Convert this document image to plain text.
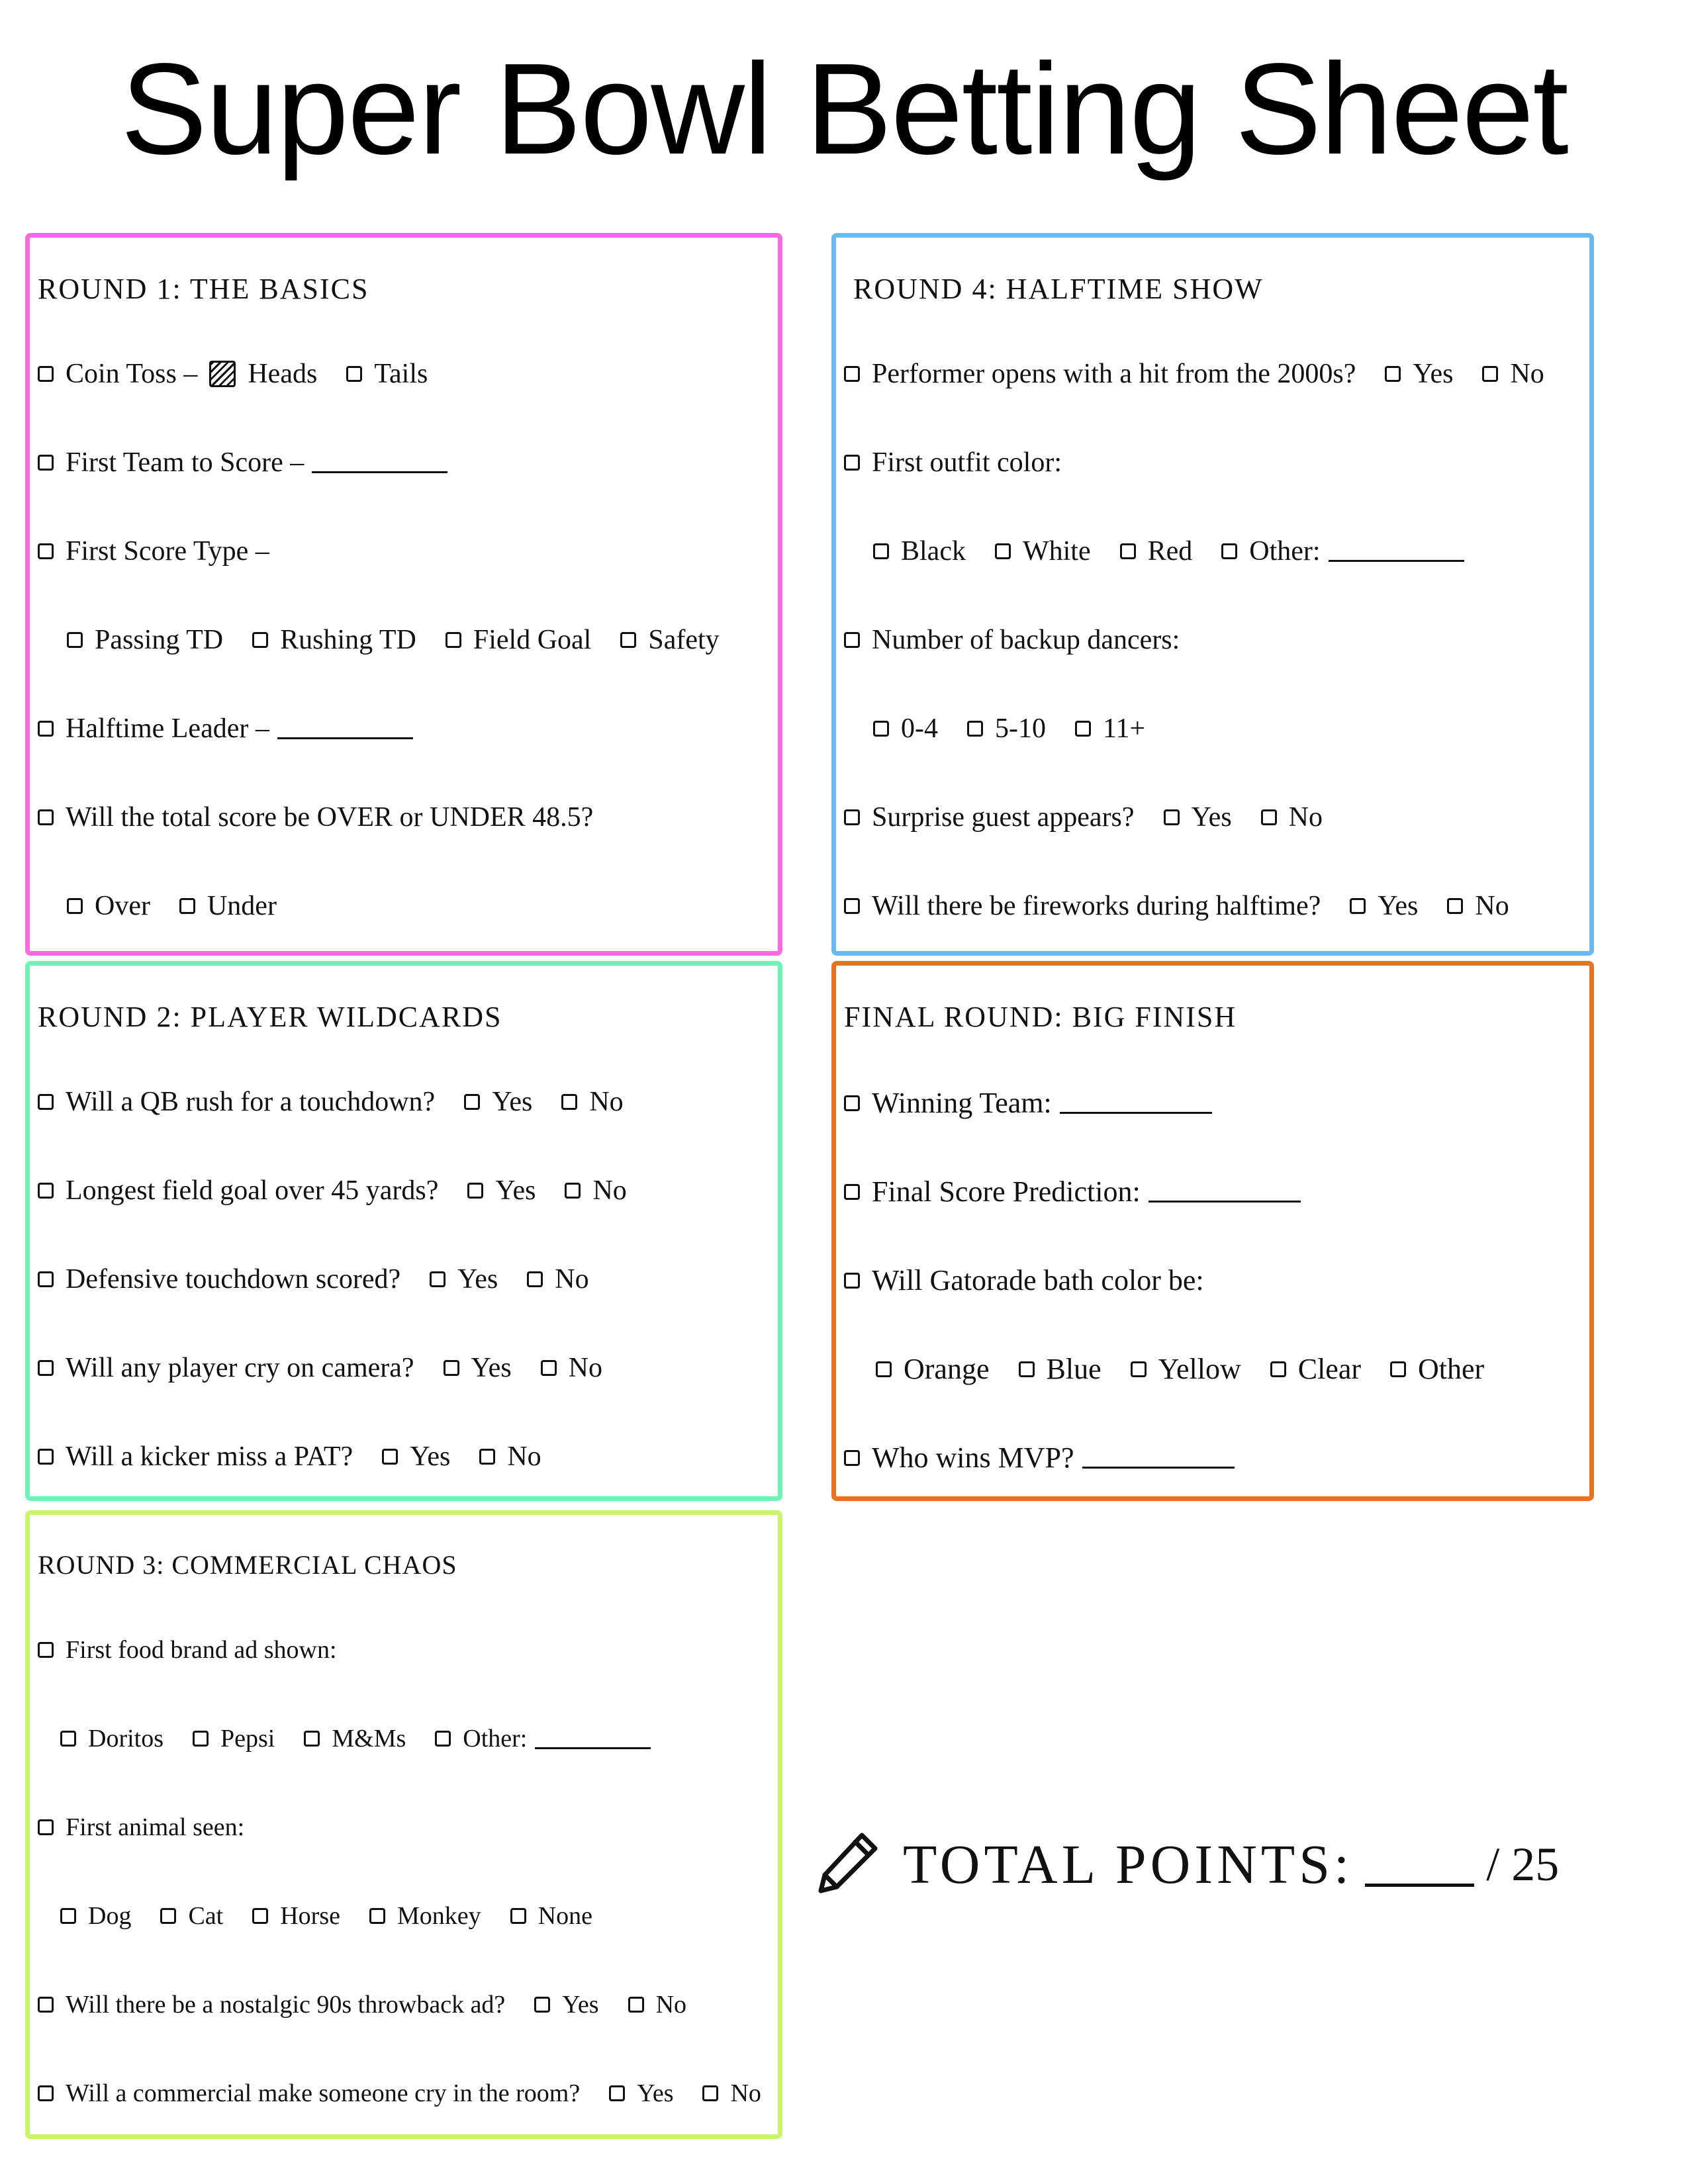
Super Bowl Betting Sheet
ROUND 1: THE BASICS
Coin Toss – Heads Tails
First Team to Score –
First Score Type –
Passing TD Rushing TD Field Goal Safety
Halftime Leader –
Will the total score be OVER or UNDER 48.5?
Over Under
ROUND 4: HALFTIME SHOW
Performer opens with a hit from the 2000s? Yes No
First outfit color:
Black White Red Other:
Number of backup dancers:
0-4 5-10 11+
Surprise guest appears? Yes No
Will there be fireworks during halftime? Yes No
ROUND 2: PLAYER WILDCARDS
Will a QB rush for a touchdown? Yes No
Longest field goal over 45 yards? Yes No
Defensive touchdown scored? Yes No
Will any player cry on camera? Yes No
Will a kicker miss a PAT? Yes No
FINAL ROUND: BIG FINISH
Winning Team:
Final Score Prediction:
Will Gatorade bath color be:
Orange Blue Yellow Clear Other
Who wins MVP?
ROUND 3: COMMERCIAL CHAOS
First food brand ad shown:
Doritos Pepsi M&Ms Other:
First animal seen:
Dog Cat Horse Monkey None
Will there be a nostalgic 90s throwback ad? Yes No
Will a commercial make someone cry in the room? Yes No
TOTAL POINTS:	/ 25
